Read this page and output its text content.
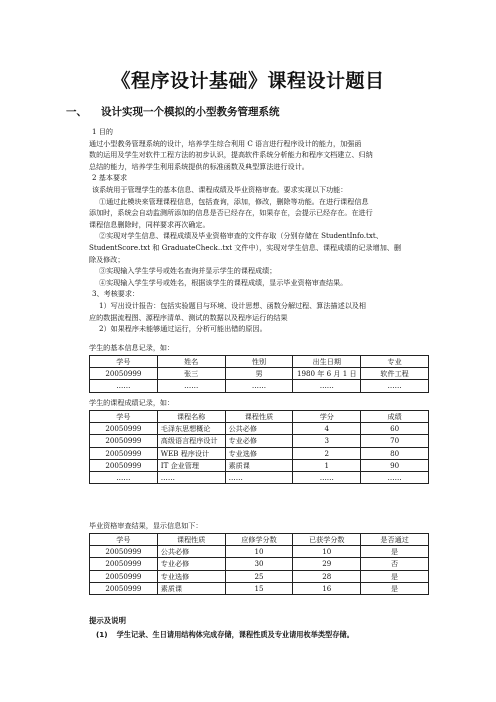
《程序设计基础》课程设计题目
一、 设计实现一个模拟的小型教务管理系统

1 目的

通过小型教务管理系统的设计，培养学生综合利用 C 语言进行程序设计的能力，加强函

数的运用及学生对软件工程方法的初步认识，提高软件系统分析能力和程序文档建立、归纳

总结的能力，培养学生利用系统提供的标准函数及典型算法进行设计。

2 基本要求

该系统用于管理学生的基本信息、课程成绩及毕业资格审查。要求实现以下功能：

①通过此模块来管理课程信息，包括查询，添加，修改，删除等功能。在进行课程信息

添加时，系统会自动监测所添加的信息是否已经存在，如果存在，会提示已经存在。在进行

课程信息删除时，同样要求再次确定。

②实现对学生信息、课程成绩及毕业资格审查的文件存取（分别存储在 StudentInfo.txt、

StudentScore.txt 和 GraduateCheck..txt 文件中），实现对学生信息、课程成绩的记录增加、删

除及修改；

③实现输入学生学号或姓名查询并显示学生的课程成绩；

④实现输入学生学号或姓名，根据该学生的课程成绩，显示毕业资格审查结果。

3、考核要求：

1）写出设计报告：包括实验题目与环境、设计思想、函数分解过程、算法描述以及相

应的数据流程图、源程序清单、测试的数据以及程序运行的结果

2）如果程序未能够通过运行，分析可能出错的原因。

学生的基本信息记录，如：
学号	姓名	性别	出生日期	专业
20050999	张三	男	1980 年 6 月 1 日	软件工程
……	……	……	……	……
学生的课程成绩记录，如：
学号	课程名称	课程性质	学分	成绩
20050999	毛泽东思想概论	公共必修	4	60
20050999	高级语言程序设计	专业必修	3	70
20050999	WEB 程序设计	专业选修	2	80
20050999	IT 企业管理	素质课	1	90
……	……	……	……	……
毕业资格审查结果，显示信息如下：
学号	课程性质	应修学分数	已获学分数	是否通过
20050999	公共必修	10	10	是
20050999	专业必修	30	29	否
20050999	专业选修	25	28	是
20050999	素质课	15	16	是
提示及说明
(1) 学生记录、生日请用结构体完成存储，课程性质及专业请用枚举类型存储。
